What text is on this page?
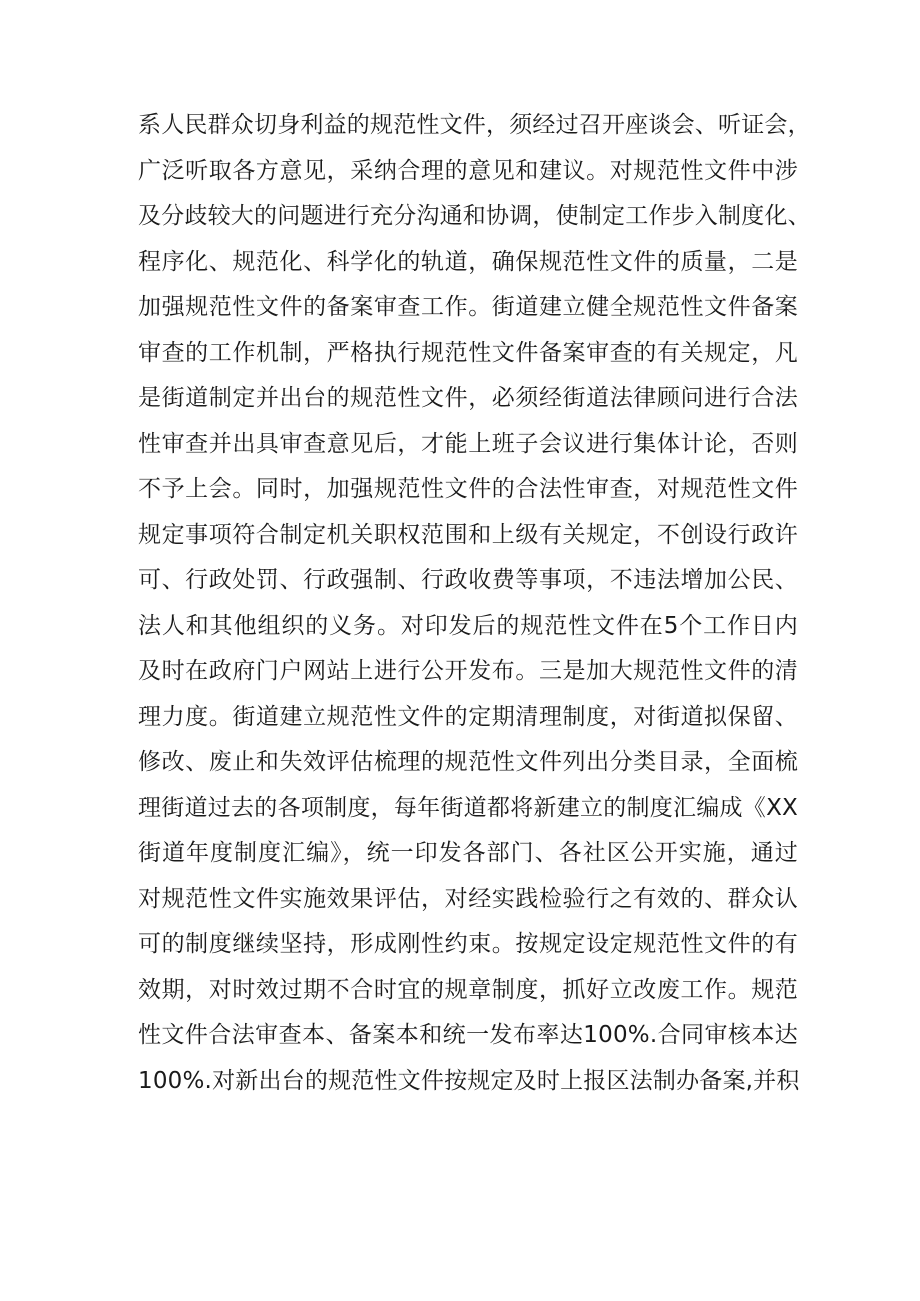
系人民群众切身利益的规范性文件，须经过召开座谈会、听证会，
广泛听取各方意见，采纳合理的意见和建议。对规范性文件中涉
及分歧较大的问题进行充分沟通和协调，使制定工作步入制度化、
程序化、规范化、科学化的轨道，确保规范性文件的质量，二是
加强规范性文件的备案审查工作。街道建立健全规范性文件备案
审查的工作机制，严格执行规范性文件备案审查的有关规定，凡
是街道制定并出台的规范性文件，必须经街道法律顾问进行合法
性审查并出具审查意见后，才能上班子会议进行集体计论，否则
不予上会。同时，加强规范性文件的合法性审查，对规范性文件
规定事项符合制定机关职权范围和上级有关规定，不创设行政许
可、行政处罚、行政强制、行政收费等事项，不违法增加公民、
法人和其他组织的义务。对印发后的规范性文件在5个工作日内
及时在政府门户网站上进行公开发布。三是加大规范性文件的清
理力度。街道建立规范性文件的定期清理制度，对街道拟保留、
修改、废止和失效评估梳理的规范性文件列出分类目录，全面梳
理街道过去的各项制度，每年街道都将新建立的制度汇编成《XX
街道年度制度汇编》，统一印发各部门、各社区公开实施，通过
对规范性文件实施效果评估，对经实践检验行之有效的、群众认
可的制度继续坚持，形成刚性约束。按规定设定规范性文件的有
效期，对时效过期不合时宜的规章制度，抓好立改废工作。规范
性文件合法审查本、备案本和统一发布率达100%.合同审核本达
100%.对新出台的规范性文件按规定及时上报区法制办备案,并积
